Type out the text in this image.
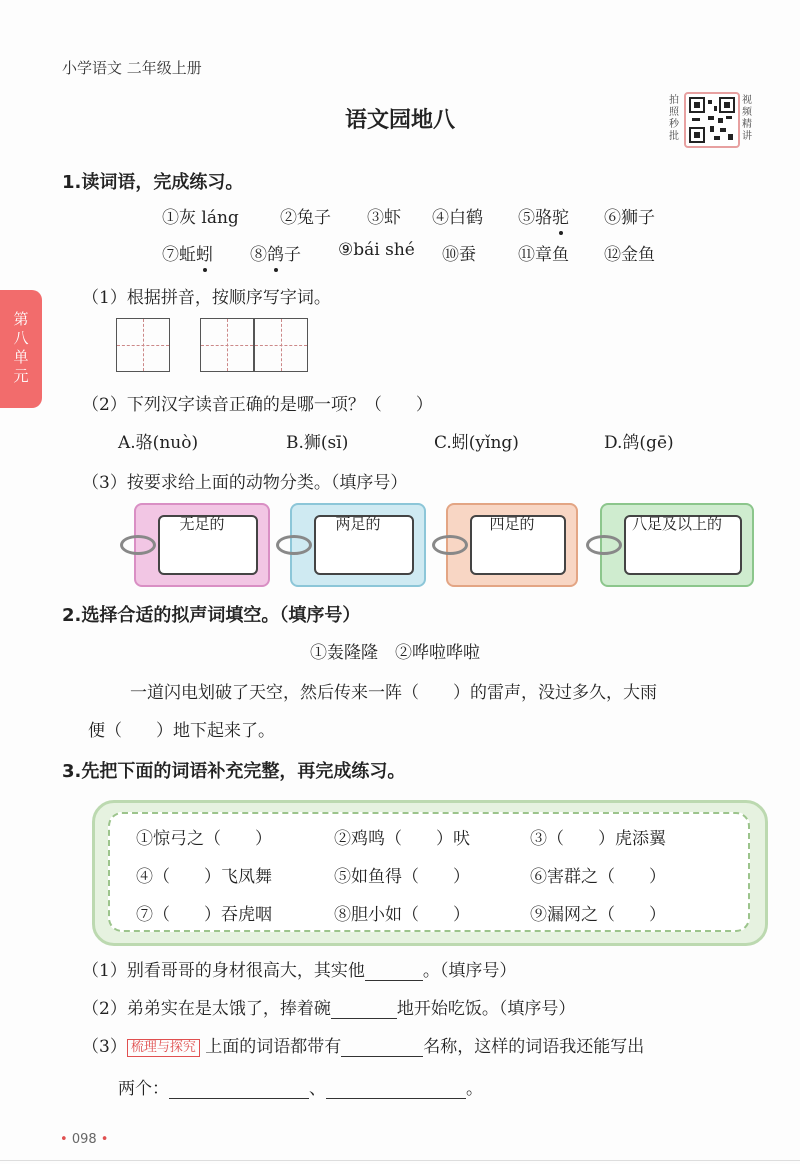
小学语文 二年级上册
语文园地八
拍
照
秒
批
视
频
精
讲
第
八
单
元
1.读词语，完成练习。
①灰 láng ②兔子 ③虾 ④白鹤 ⑤骆驼 ⑥狮子
⑦蚯蚓 ⑧鸽子 ⑨bái shé ⑩蚕 ⑪章鱼 ⑫金鱼
（1）根据拼音，按顺序写字词。
（2）下列汉字读音正确的是哪一项？（　　）
A.骆(nuò)	B.狮(sī)	C.蚓(yǐng)	D.鸽(gē)
（3）按要求给上面的动物分类。（填序号）
无足的	两足的	四足的	八足及以上的
2.选择合适的拟声词填空。（填序号）
①轰隆隆　②哗啦哗啦
一道闪电划破了天空，然后传来一阵（　　）的雷声，没过多久，大雨
便（　　）地下起来了。
3.先把下面的词语补充完整，再完成练习。
①惊弓之（　　）	②鸡鸣（　　）吠	③（　　）虎添翼
④（　　）飞凤舞	⑤如鱼得（　　）	⑥害群之（　　）
⑦（　　）吞虎咽	⑧胆小如（　　）	⑨漏网之（　　）
（1）别看哥哥的身材很高大，其实他	。（填序号）
（2）弟弟实在是太饿了，捧着碗	地开始吃饭。（填序号）
（3） 梳理与探究 上面的词语都带有	名称，这样的词语我还能写出
两个：	、	。
• 098 •
